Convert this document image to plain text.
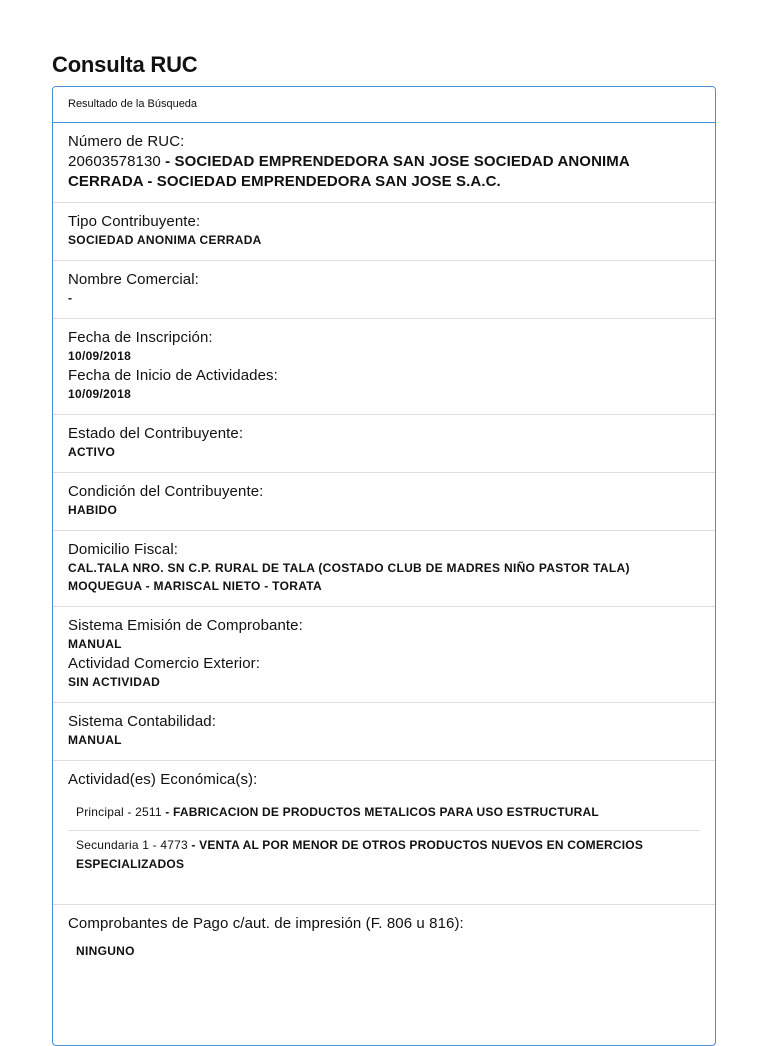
Consulta RUC
Resultado de la Búsqueda

Número de RUC:

20603578130 - SOCIEDAD EMPRENDEDORA SAN JOSE SOCIEDAD ANONIMA CERRADA - SOCIEDAD EMPRENDEDORA SAN JOSE S.A.C.

Tipo Contribuyente:

SOCIEDAD ANONIMA CERRADA

Nombre Comercial:

-

Fecha de Inscripción:

10/09/2018

Fecha de Inicio de Actividades:

10/09/2018

Estado del Contribuyente:

ACTIVO

Condición del Contribuyente:

HABIDO

Domicilio Fiscal:

CAL.TALA NRO. SN C.P. RURAL DE TALA (COSTADO CLUB DE MADRES NIÑO PASTOR TALA)

MOQUEGUA - MARISCAL NIETO - TORATA

Sistema Emisión de Comprobante:

MANUAL

Actividad Comercio Exterior:

SIN ACTIVIDAD

Sistema Contabilidad:

MANUAL

Actividad(es) Económica(s):

Principal - 2511 - FABRICACION DE PRODUCTOS METALICOS PARA USO ESTRUCTURAL
Secundaria 1 - 4773 - VENTA AL POR MENOR DE OTROS PRODUCTOS NUEVOS EN COMERCIOS ESPECIALIZADOS

Comprobantes de Pago c/aut. de impresión (F. 806 u 816):

NINGUNO
